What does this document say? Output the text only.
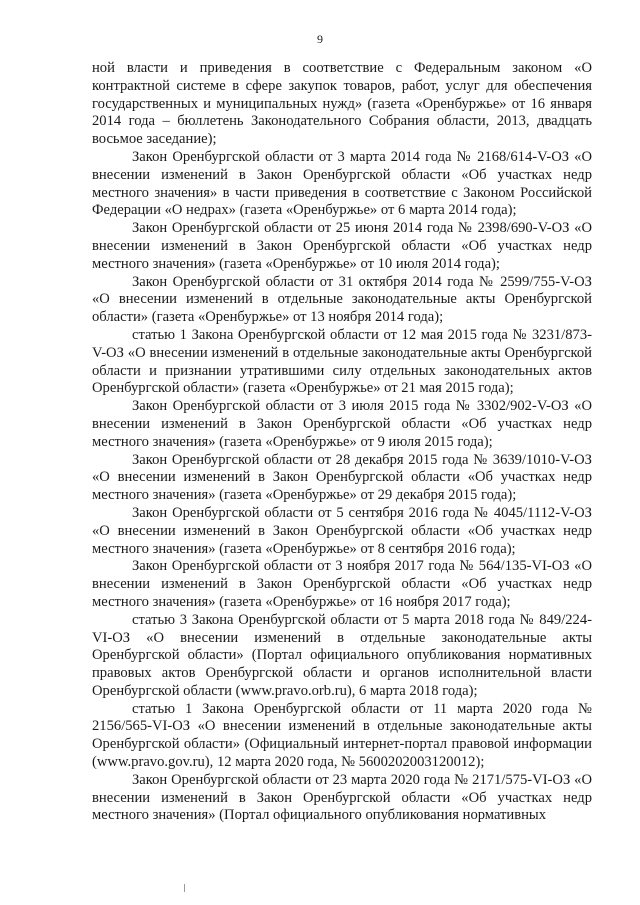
9

ной власти и приведения в соответствие с Федеральным законом «О контрактной системе в сфере закупок товаров, работ, услуг для обеспечения государственных и муниципальных нужд» (газета «Оренбуржье» от 16 января 2014 года – бюллетень Законодательного Собрания области, 2013, двадцать восьмое заседание);

Закон Оренбургской области от 3 марта 2014 года № 2168/614-V-ОЗ «О внесении изменений в Закон Оренбургской области «Об участках недр местного значения» в части приведения в соответствие с Законом Российской Федерации «О недрах» (газета «Оренбуржье» от 6 марта 2014 года);

Закон Оренбургской области от 25 июня 2014 года № 2398/690-V-ОЗ «О внесении изменений в Закон Оренбургской области «Об участках недр местного значения» (газета «Оренбуржье» от 10 июля 2014 года);

Закон Оренбургской области от 31 октября 2014 года № 2599/755-V-ОЗ «О внесении изменений в отдельные законодательные акты Оренбургской области» (газета «Оренбуржье» от 13 ноября 2014 года);

статью 1 Закона Оренбургской области от 12 мая 2015 года № 3231/873-V-ОЗ «О внесении изменений в отдельные законодательные акты Оренбургской области и признании утратившими силу отдельных законодательных актов Оренбургской области» (газета «Оренбуржье» от 21 мая 2015 года);

Закон Оренбургской области от 3 июля 2015 года № 3302/902-V-ОЗ «О внесении изменений в Закон Оренбургской области «Об участках недр местного значения» (газета «Оренбуржье» от 9 июля 2015 года);

Закон Оренбургской области от 28 декабря 2015 года № 3639/1010-V-ОЗ «О внесении изменений в Закон Оренбургской области «Об участках недр местного значения» (газета «Оренбуржье» от 29 декабря 2015 года);

Закон Оренбургской области от 5 сентября 2016 года № 4045/1112-V-ОЗ «О внесении изменений в Закон Оренбургской области «Об участках недр местного значения» (газета «Оренбуржье» от 8 сентября 2016 года);

Закон Оренбургской области от 3 ноября 2017 года № 564/135-VI-ОЗ «О внесении изменений в Закон Оренбургской области «Об участках недр местного значения» (газета «Оренбуржье» от 16 ноября 2017 года);

статью 3 Закона Оренбургской области от 5 марта 2018 года № 849/224-VI-ОЗ «О внесении изменений в отдельные законодательные акты Оренбургской области» (Портал официального опубликования нормативных правовых актов Оренбургской области и органов исполнительной власти Оренбургской области (www.pravo.orb.ru), 6 марта 2018 года);

статью 1 Закона Оренбургской области от 11 марта 2020 года № 2156/565-VI-ОЗ «О внесении изменений в отдельные законодательные акты Оренбургской области» (Официальный интернет-портал правовой информации (www.pravo.gov.ru), 12 марта 2020 года, № 5600202003120012);

Закон Оренбургской области от 23 марта 2020 года № 2171/575-VI-ОЗ «О внесении изменений в Закон Оренбургской области «Об участках недр местного значения» (Портал официального опубликования нормативных
